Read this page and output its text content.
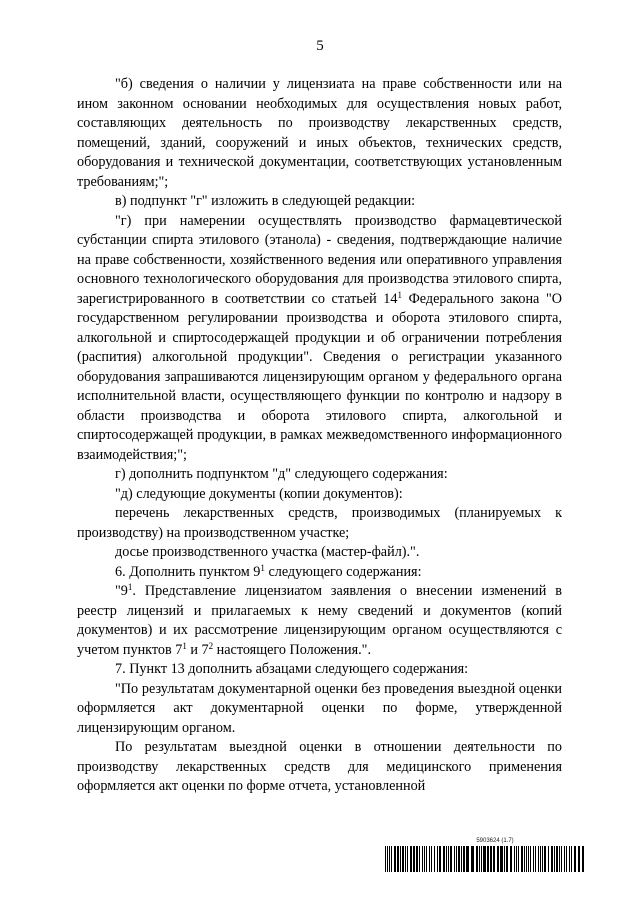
5

"б) сведения о наличии у лицензиата на праве собственности или на ином законном основании необходимых для осуществления новых работ, составляющих деятельность по производству лекарственных средств, помещений, зданий, сооружений и иных объектов, технических средств, оборудования и технической документации, соответствующих установленным требованиям;";

в) подпункт "г" изложить в следующей редакции:

"г) при намерении осуществлять производство фармацевтической субстанции спирта этилового (этанола) - сведения, подтверждающие наличие на праве собственности, хозяйственного ведения или оперативного управления основного технологического оборудования для производства этилового спирта, зарегистрированного в соответствии со статьей $14^1$ Федерального закона "О государственном регулировании производства и оборота этилового спирта, алкогольной и спиртосодержащей продукции и об ограничении потребления (распития) алкогольной продукции". Сведения о регистрации указанного оборудования запрашиваются лицензирующим органом у федерального органа исполнительной власти, осуществляющего функции по контролю и надзору в области производства и оборота этилового спирта, алкогольной и спиртосодержащей продукции, в рамках межведомственного информационного взаимодействия;";

г) дополнить подпунктом "д" следующего содержания:

"д) следующие документы (копии документов):

перечень лекарственных средств, производимых (планируемых к производству) на производственном участке;

досье производственного участка (мастер-файл).".

6. Дополнить пунктом $9^1$ следующего содержания:

"$9^1$. Представление лицензиатом заявления о внесении изменений в реестр лицензий и прилагаемых к нему сведений и документов (копий документов) и их рассмотрение лицензирующим органом осуществляются с учетом пунктов $7^1$ и $7^2$ настоящего Положения.".

7. Пункт 13 дополнить абзацами следующего содержания:

"По результатам документарной оценки без проведения выездной оценки оформляется акт документарной оценки по форме, утвержденной лицензирующим органом.

По результатам выездной оценки в отношении деятельности по производству лекарственных средств для медицинского применения оформляется акт оценки по форме отчета, установленной

5903624 (1.7)
